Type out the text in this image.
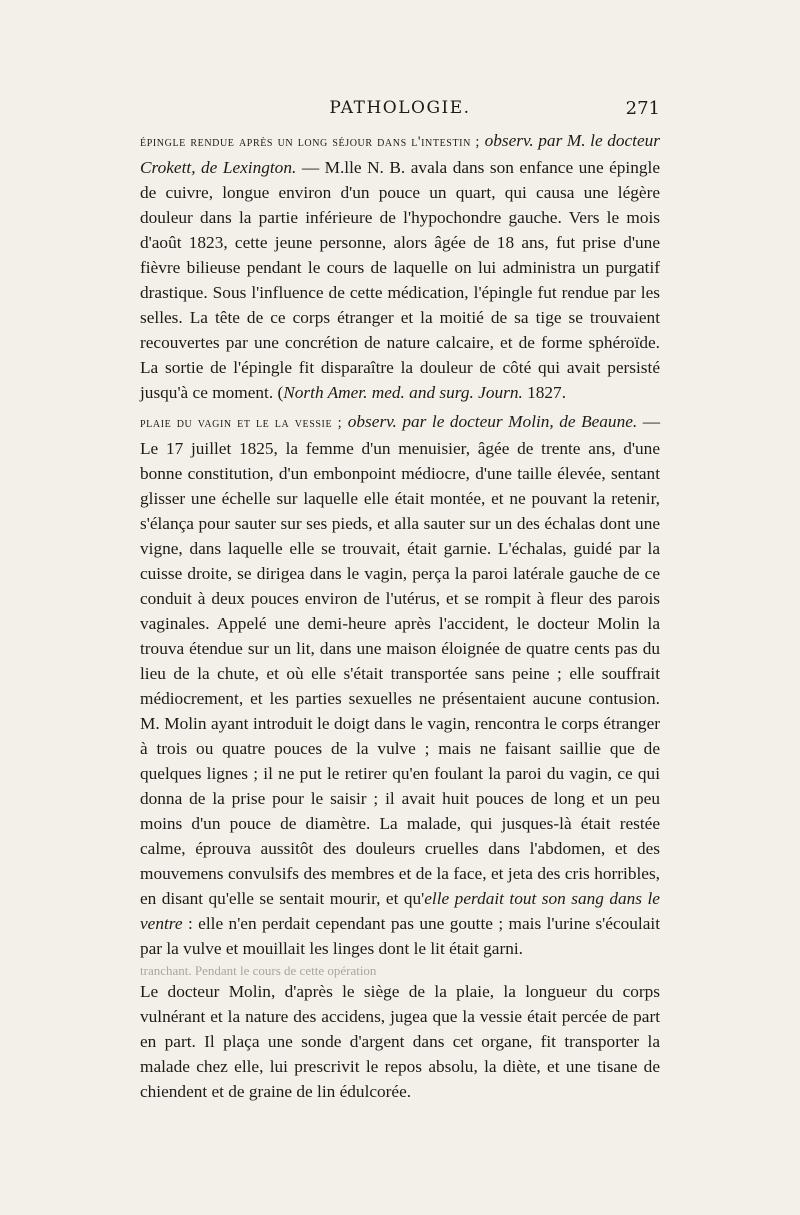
PATHOLOGIE.	271

épingle rendue après un long séjour dans l'intestin ; observ. par M. le docteur Crokett, de Lexington. — M.lle N. B. avala dans son enfance une épingle de cuivre, longue environ d'un pouce un quart, qui causa une légère douleur dans la partie inférieure de l'hypochondre gauche. Vers le mois d'août 1823, cette jeune personne, alors âgée de 18 ans, fut prise d'une fièvre bilieuse pendant le cours de laquelle on lui administra un purgatif drastique. Sous l'influence de cette médication, l'épingle fut rendue par les selles. La tête de ce corps étranger et la moitié de sa tige se trouvaient recouvertes par une concrétion de nature calcaire, et de forme sphéroïde. La sortie de l'épingle fit disparaître la douleur de côté qui avait persisté jusqu'à ce moment. (North Amer. med. and surg. Journ. 1827.

plaie du vagin et le la vessie ; observ. par le docteur Molin, de Beaune. — Le 17 juillet 1825, la femme d'un menuisier, âgée de trente ans, d'une bonne constitution, d'un embonpoint médiocre, d'une taille élevée, sentant glisser une échelle sur laquelle elle était montée, et ne pouvant la retenir, s'élança pour sauter sur ses pieds, et alla sauter sur un des échalas dont une vigne, dans laquelle elle se trouvait, était garnie. L'échalas, guidé par la cuisse droite, se dirigea dans le vagin, perça la paroi latérale gauche de ce conduit à deux pouces environ de l'utérus, et se rompit à fleur des parois vaginales. Appelé une demi-heure après l'accident, le docteur Molin la trouva étendue sur un lit, dans une maison éloignée de quatre cents pas du lieu de la chute, et où elle s'était transportée sans peine ; elle souffrait médiocrement, et les parties sexuelles ne présentaient aucune contusion. M. Molin ayant introduit le doigt dans le vagin, rencontra le corps étranger à trois ou quatre pouces de la vulve ; mais ne faisant saillie que de quelques lignes ; il ne put le retirer qu'en foulant la paroi du vagin, ce qui donna de la prise pour le saisir ; il avait huit pouces de long et un peu moins d'un pouce de diamètre. La malade, qui jusques-là était restée calme, éprouva aussitôt des douleurs cruelles dans l'abdomen, et des mouvemens convulsifs des membres et de la face, et jeta des cris horribles, en disant qu'elle se sentait mourir, et qu'elle perdait tout son sang dans le ventre : elle n'en perdait cependant pas une goutte ; mais l'urine s'écoulait par la vulve et mouillait les linges dont le lit était garni.

tranchant. Pendant le cours de cette opération

Le docteur Molin, d'après le siège de la plaie, la longueur du corps vulnérant et la nature des accidens, jugea que la vessie était percée de part en part. Il plaça une sonde d'argent dans cet organe, fit transporter la malade chez elle, lui prescrivit le repos absolu, la diète, et une tisane de chiendent et de graine de lin édulcorée.
